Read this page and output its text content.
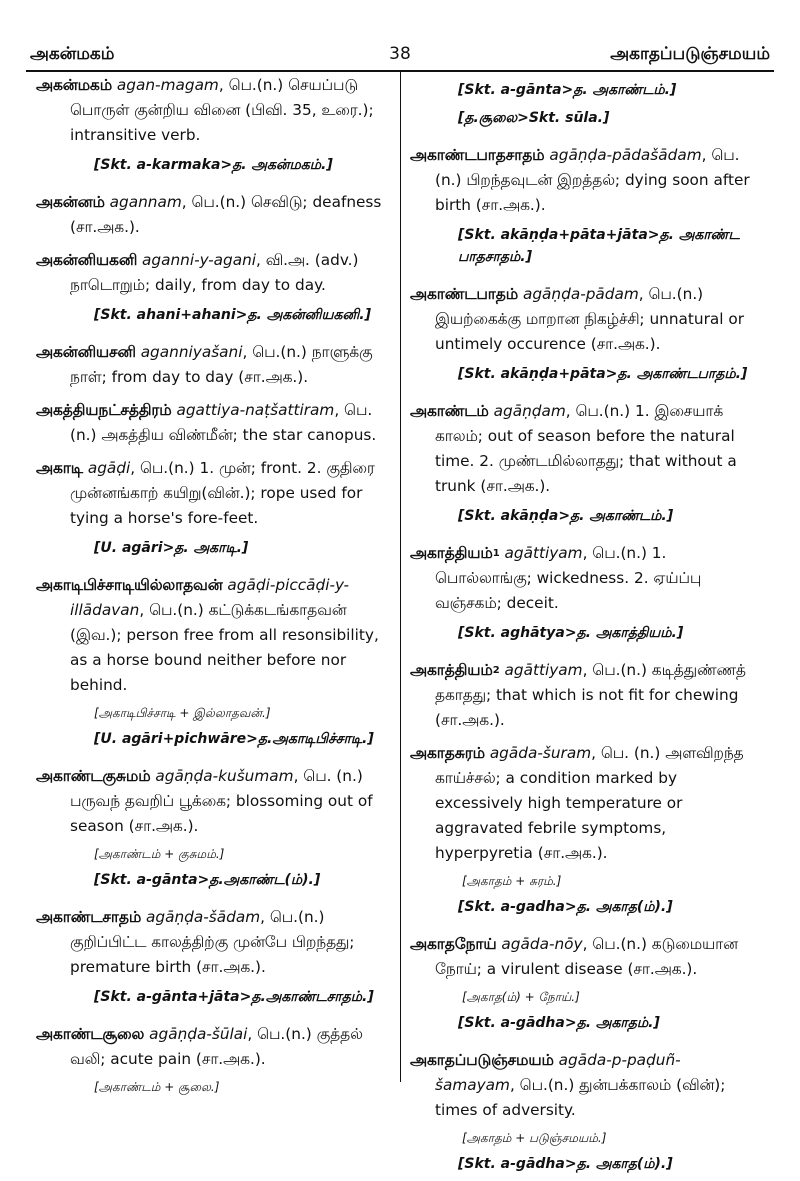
அகன்மகம்	38	அகாதப்படுஞ்சமயம்

அகன்மகம் agan-magam, பெ.(n.) செயப்படு பொருள் குன்றிய வினை (பிவி. 35, உரை.); intransitive verb.

[Skt. a-karmaka>த. அகன்மகம்.]

அகன்னம் agannam, பெ.(n.) செவிடு; deafness (சா.அக.).

அகன்னியகனி aganni-y-agani, வி.அ. (adv.) நாடொறும்; daily, from day to day.

[Skt. ahani+ahani>த. அகன்னியகனி.]

அகன்னியசனி aganniyašani, பெ.(n.) நாளுக்கு நாள்; from day to day (சா.அக.).

அகத்தியநட்சத்திரம் agattiya-naṭšattiram, பெ.(n.) அகத்திய விண்மீன்; the star canopus.

அகாடி agāḍi, பெ.(n.) 1. முன்; front. 2. குதிரை முன்னங்காற் கயிறு(வின்.); rope used for tying a horse's fore-feet.

[U. agāri>த. அகாடி.]

அகாடிபிச்சாடியில்லாதவன் agāḍi-piccāḍi-y-illādavan, பெ.(n.) கட்டுக்கடங்காதவன் (இவ.); person free from all resonsibility, as a horse bound neither before nor behind.

[அகாடிபிச்சாடி + இல்லாதவன்.]
[U. agāri+pichwāre>த.அகாடிபிச்சாடி.]

அகாண்டகுசுமம் agāṇḍa-kušumam, பெ. (n.) பருவந் தவறிப் பூக்கை; blossoming out of season (சா.அக.).

[அகாண்டம் + குசுமம்.]
[Skt. a-gānta>த.அகாண்ட(ம்).]

அகாண்டசாதம் agāṇḍa-šādam, பெ.(n.) குறிப்பிட்ட காலத்திற்கு முன்பே பிறந்தது; premature birth (சா.அக.).

[Skt. a-gānta+jāta>த.அகாண்டசாதம்.]

அகாண்டசூலை agāṇḍa-šūlai, பெ.(n.) குத்தல் வலி; acute pain (சா.அக.).

[அகாண்டம் + சூலை.]
[Skt. a-gānta>த. அகாண்டம்.]
[த.சூலை>Skt. sūla.]

அகாண்டபாதசாதம் agāṇḍa-pādašādam, பெ.(n.) பிறந்தவுடன் இறத்தல்; dying soon after birth (சா.அக.).

[Skt. akāṇḍa+pāta+jāta>த. அகாண்ட பாதசாதம்.]

அகாண்டபாதம் agāṇḍa-pādam, பெ.(n.) இயற்கைக்கு மாறான நிகழ்ச்சி; unnatural or untimely occurence (சா.அக.).

[Skt. akāṇḍa+pāta>த. அகாண்டபாதம்.]

அகாண்டம் agāṇḍam, பெ.(n.) 1. இசையாக் காலம்; out of season before the natural time. 2. முண்டமில்லாதது; that without a trunk (சா.அக.).

[Skt. akāṇḍa>த. அகாண்டம்.]

அகாத்தியம்$^1$ agāttiyam, பெ.(n.) 1. பொல்லாங்கு; wickedness. 2. ஏய்ப்பு வஞ்சகம்; deceit.

[Skt. aghātya>த. அகாத்தியம்.]

அகாத்தியம்$^2$ agāttiyam, பெ.(n.) கடித்துண்ணத் தகாதது; that which is not fit for chewing (சா.அக.).

அகாதசுரம் agāda-šuram, பெ. (n.) அளவிறந்த காய்ச்சல்; a condition marked by excessively high temperature or aggravated febrile symptoms, hyperpyretia (சா.அக.).

[அகாதம் + சுரம்.]
[Skt. a-gadha>த. அகாத(ம்).]

அகாதநோய் agāda-nōy, பெ.(n.) கடுமையான நோய்; a virulent disease (சா.அக.).

[அகாத(ம்) + நோய்.]
[Skt. a-gādha>த. அகாதம்.]

அகாதப்படுஞ்சமயம் agāda-p-paḍuñ-šamayam, பெ.(n.) துன்பக்காலம் (வின்); times of adversity.

[அகாதம் + படுஞ்சமயம்.]
[Skt. a-gādha>த. அகாத(ம்).]
